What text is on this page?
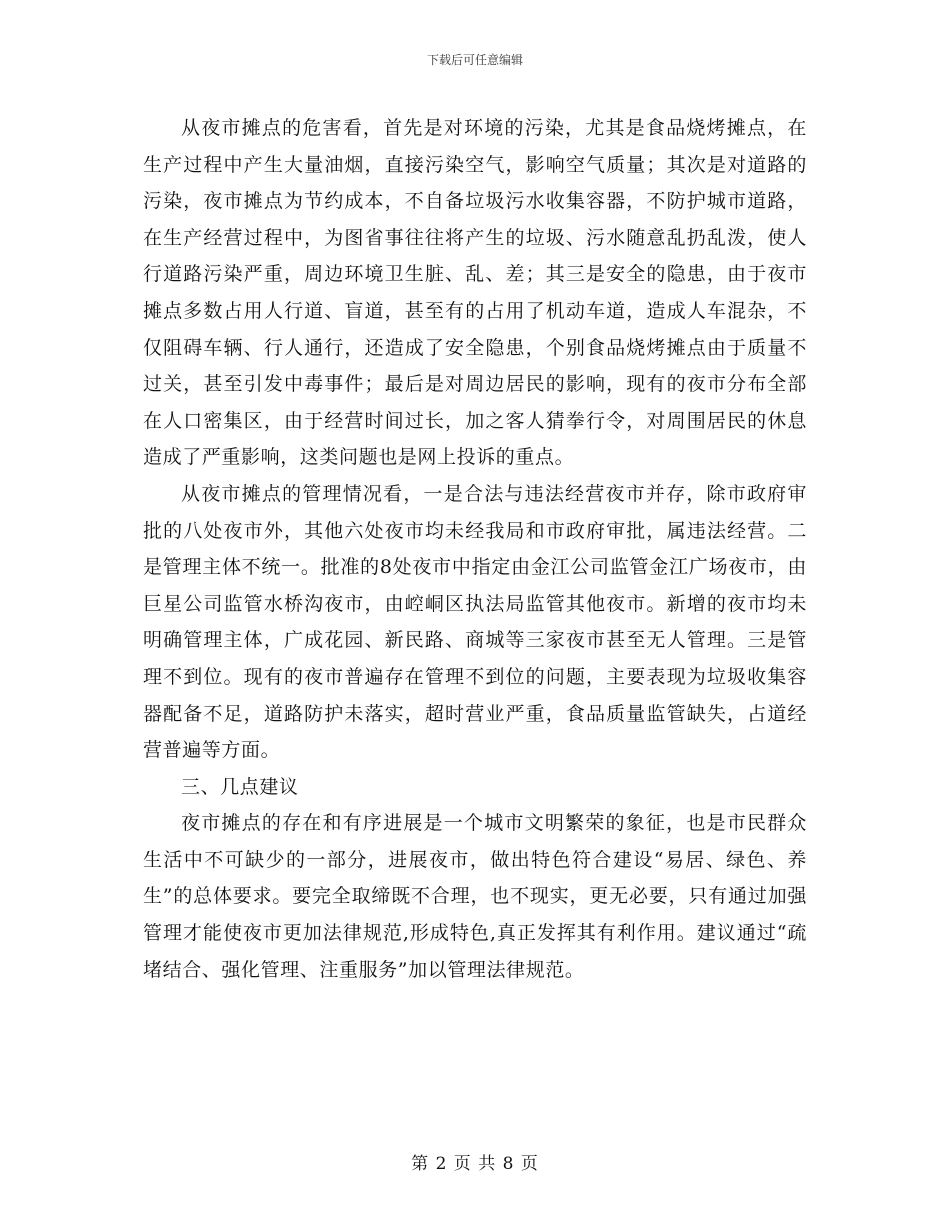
下载后可任意编辑

从夜市摊点的危害看，首先是对环境的污染，尤其是食品烧烤摊点，在生产过程中产生大量油烟，直接污染空气，影响空气质量；其次是对道路的污染，夜市摊点为节约成本，不自备垃圾污水收集容器，不防护城市道路，在生产经营过程中，为图省事往往将产生的垃圾、污水随意乱扔乱泼，使人行道路污染严重，周边环境卫生脏、乱、差；其三是安全的隐患，由于夜市摊点多数占用人行道、盲道，甚至有的占用了机动车道，造成人车混杂，不仅阻碍车辆、行人通行，还造成了安全隐患，个别食品烧烤摊点由于质量不过关，甚至引发中毒事件；最后是对周边居民的影响，现有的夜市分布全部在人口密集区，由于经营时间过长，加之客人猜拳行令，对周围居民的休息造成了严重影响，这类问题也是网上投诉的重点。

从夜市摊点的管理情况看，一是合法与违法经营夜市并存，除市政府审批的八处夜市外，其他六处夜市均未经我局和市政府审批，属违法经营。二是管理主体不统一。批准的8处夜市中指定由金江公司监管金江广场夜市，由巨星公司监管水桥沟夜市，由崆峒区执法局监管其他夜市。新增的夜市均未明确管理主体，广成花园、新民路、商城等三家夜市甚至无人管理。三是管理不到位。现有的夜市普遍存在管理不到位的问题，主要表现为垃圾收集容器配备不足，道路防护未落实，超时营业严重，食品质量监管缺失，占道经营普遍等方面。

三、几点建议

夜市摊点的存在和有序进展是一个城市文明繁荣的象征，也是市民群众生活中不可缺少的一部分，进展夜市，做出特色符合建设“易居、绿色、养生”的总体要求。要完全取缔既不合理，也不现实，更无必要，只有通过加强管理才能使夜市更加法律规范,形成特色,真正发挥其有利作用。建议通过“疏堵结合、强化管理、注重服务”加以管理法律规范。

第 2 页 共 8 页
